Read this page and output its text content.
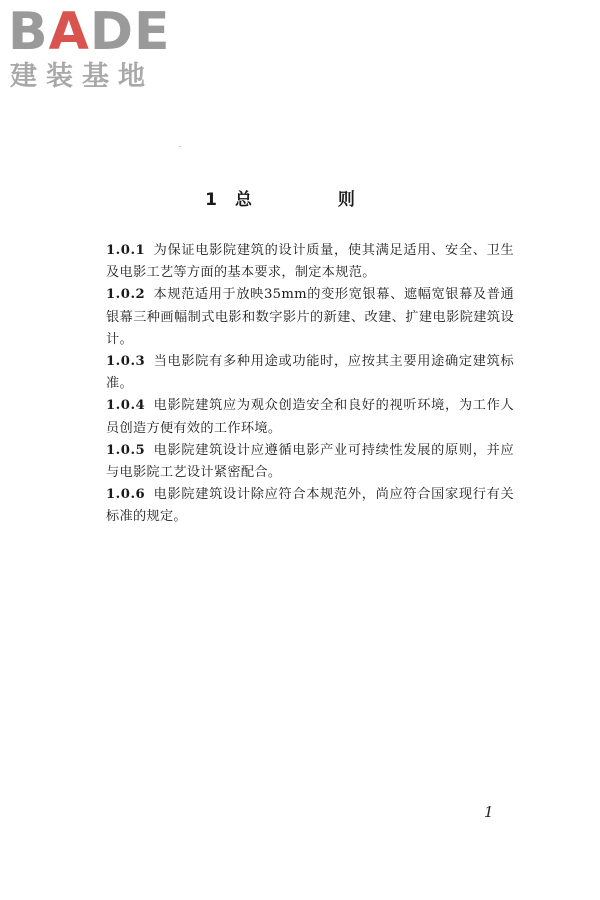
BADE
建装基地
1 总 则

1.0.1 为保证电影院建筑的设计质量，使其满足适用、安全、卫生及电影工艺等方面的基本要求，制定本规范。

1.0.2 本规范适用于放映35mm的变形宽银幕、遮幅宽银幕及普通银幕三种画幅制式电影和数字影片的新建、改建、扩建电影院建筑设计。

1.0.3 当电影院有多种用途或功能时，应按其主要用途确定建筑标准。

1.0.4 电影院建筑应为观众创造安全和良好的视听环境，为工作人员创造方便有效的工作环境。

1.0.5 电影院建筑设计应遵循电影产业可持续性发展的原则，并应与电影院工艺设计紧密配合。

1.0.6 电影院建筑设计除应符合本规范外，尚应符合国家现行有关标准的规定。

1
